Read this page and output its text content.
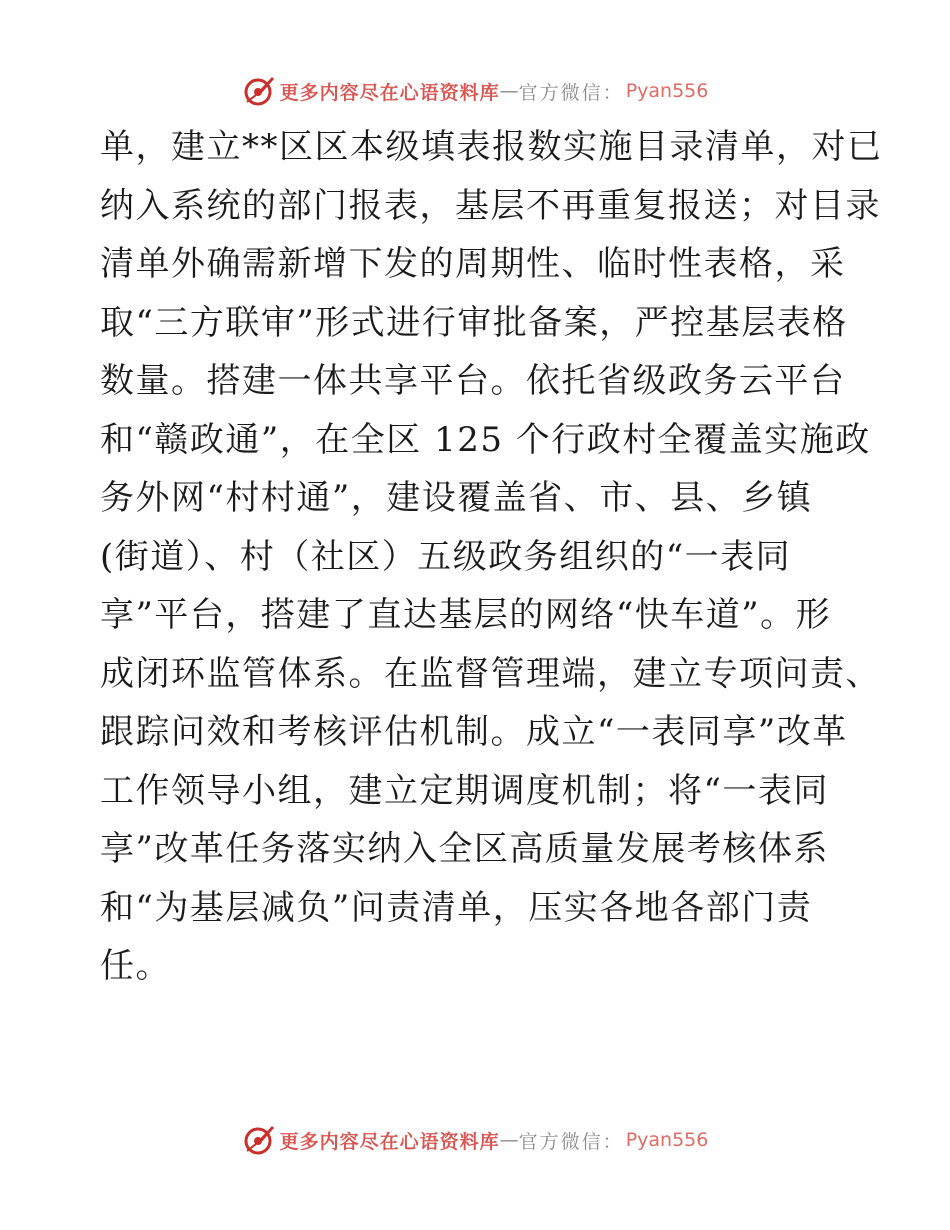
更多内容尽在心语资料库 — 官方微信： Pyan556
单，建立**区区本级填表报数实施目录清单，对已
纳入系统的部门报表，基层不再重复报送；对目录
清单外确需新增下发的周期性、临时性表格，采
取“三方联审”形式进行审批备案，严控基层表格
数量。搭建一体共享平台。依托省级政务云平台
和“赣政通”，在全区 125 个行政村全覆盖实施政
务外网“村村通”，建设覆盖省、市、县、乡镇
(街道）、村（社区）五级政务组织的“一表同
享”平台，搭建了直达基层的网络“快车道”。形
成闭环监管体系。在监督管理端，建立专项问责、
跟踪问效和考核评估机制。成立“一表同享”改革
工作领导小组，建立定期调度机制；将“一表同
享”改革任务落实纳入全区高质量发展考核体系
和“为基层减负”问责清单，压实各地各部门责
任。
更多内容尽在心语资料库 — 官方微信： Pyan556
